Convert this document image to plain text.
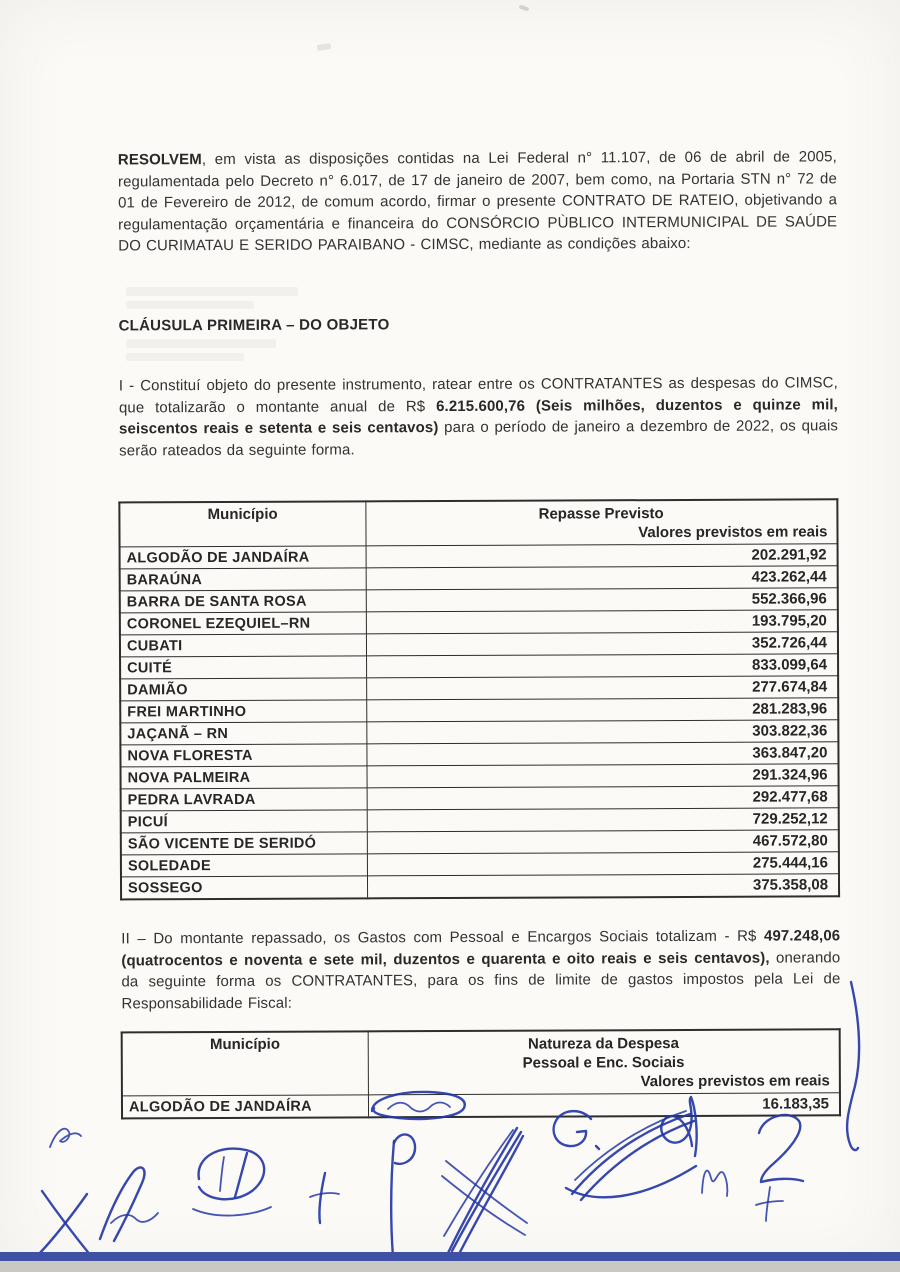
RESOLVEM, em vista as disposições contidas na Lei Federal n° 11.107, de 06 de abril de 2005, regulamentada pelo Decreto n° 6.017, de 17 de janeiro de 2007, bem como, na Portaria STN n° 72 de 01 de Fevereiro de 2012, de comum acordo, firmar o presente CONTRATO DE RATEIO, objetivando a regulamentação orçamentária e financeira do CONSÓRCIO PÙBLICO INTERMUNICIPAL DE SAÚDE DO CURIMATAU E SERIDO PARAIBANO - CIMSC, mediante as condições abaixo:

CLÁUSULA PRIMEIRA – DO OBJETO

I - Constituí objeto do presente instrumento, ratear entre os CONTRATANTES as despesas do CIMSC, que totalizarão o montante anual de R$ 6.215.600,76 (Seis milhões, duzentos e quinze mil, seiscentos reais e setenta e seis centavos) para o período de janeiro a dezembro de 2022, os quais serão rateados da seguinte forma.

Município	Repasse Previsto
Valores previstos em reais

ALGODÃO DE JANDAÍRA	202.291,92
BARAÚNA	423.262,44
BARRA DE SANTA ROSA	552.366,96
CORONEL EZEQUIEL–RN	193.795,20
CUBATI	352.726,44
CUITÉ	833.099,64
DAMIÃO	277.674,84
FREI MARTINHO	281.283,96
JAÇANÃ – RN	303.822,36
NOVA FLORESTA	363.847,20
NOVA PALMEIRA	291.324,96
PEDRA LAVRADA	292.477,68
PICUÍ	729.252,12
SÃO VICENTE DE SERIDÓ	467.572,80
SOLEDADE	275.444,16
SOSSEGO	375.358,08

II – Do montante repassado, os Gastos com Pessoal e Encargos Sociais totalizam - R$ 497.248,06 (quatrocentos e noventa e sete mil, duzentos e quarenta e oito reais e seis centavos), onerando da seguinte forma os CONTRATANTES, para os fins de limite de gastos impostos pela Lei de Responsabilidade Fiscal:

Município	Natureza da Despesa
Pessoal e Enc. Sociais
Valores previstos em reais

ALGODÃO DE JANDAÍRA	16.183,35
